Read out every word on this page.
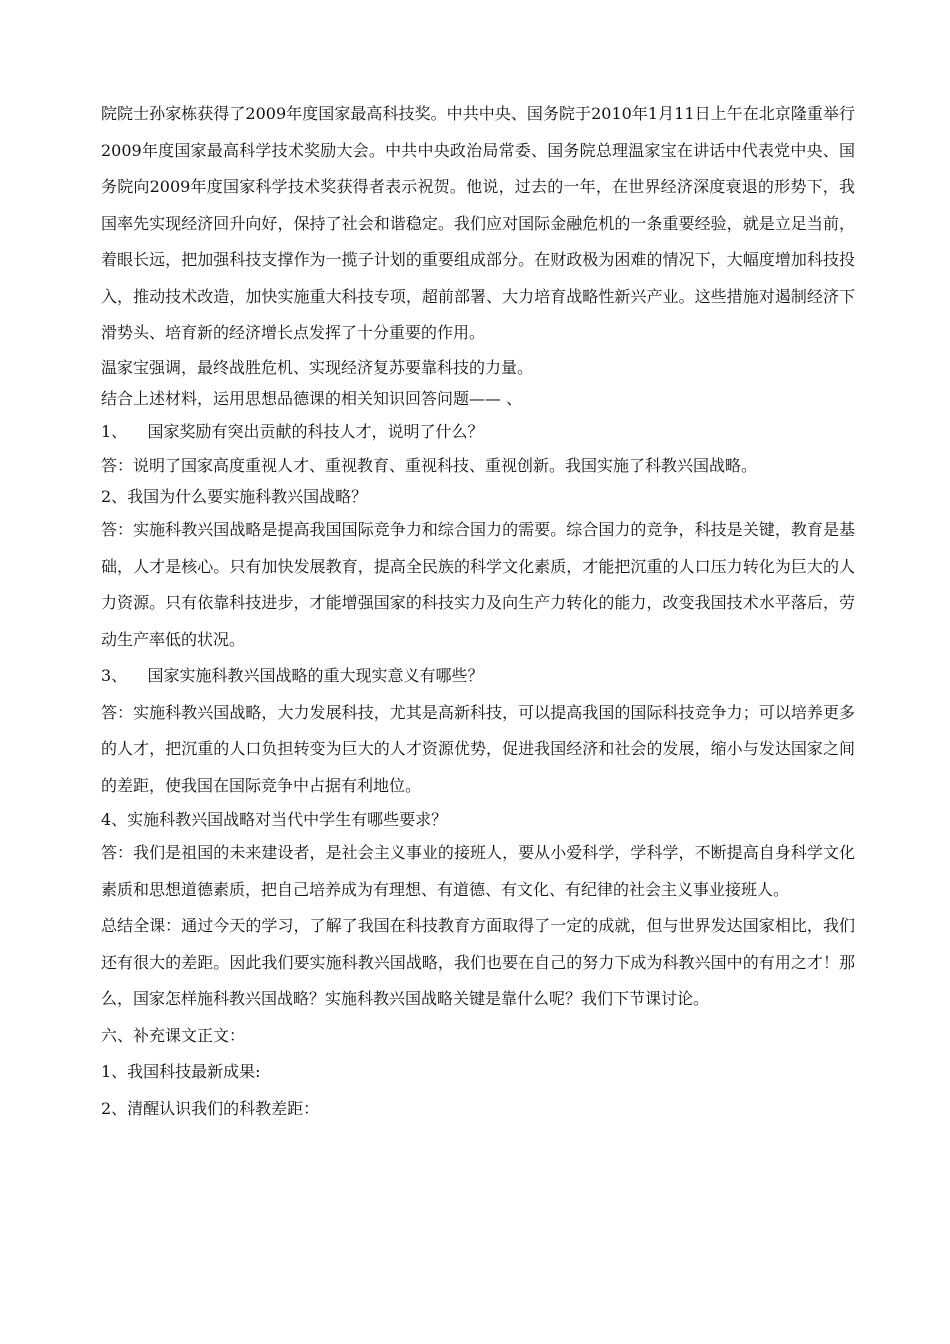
院院士孙家栋获得了2009年度国家最高科技奖。中共中央、国务院于2010年1月11日上午在北京隆重举行2009年度国家最高科学技术奖励大会。中共中央政治局常委、国务院总理温家宝在讲话中代表党中央、国务院向2009年度国家科学技术奖获得者表示祝贺。他说，过去的一年，在世界经济深度衰退的形势下，我国率先实现经济回升向好，保持了社会和谐稳定。我们应对国际金融危机的一条重要经验，就是立足当前，着眼长远，把加强科技支撑作为一揽子计划的重要组成部分。在财政极为困难的情况下，大幅度增加科技投入，推动技术改造，加快实施重大科技专项，超前部署、大力培育战略性新兴产业。这些措施对遏制经济下滑势头、培育新的经济增长点发挥了十分重要的作用。

温家宝强调，最终战胜危机、实现经济复苏要靠科技的力量。

结合上述材料，运用思想品德课的相关知识回答问题—— 、

1、    国家奖励有突出贡献的科技人才，说明了什么？

答：说明了国家高度重视人才、重视教育、重视科技、重视创新。我国实施了科教兴国战略。

2、我国为什么要实施科教兴国战略？

答：实施科教兴国战略是提高我国国际竞争力和综合国力的需要。综合国力的竞争，科技是关键，教育是基础，人才是核心。只有加快发展教育，提高全民族的科学文化素质，才能把沉重的人口压力转化为巨大的人力资源。只有依靠科技进步，才能增强国家的科技实力及向生产力转化的能力，改变我国技术水平落后，劳动生产率低的状况。

3、    国家实施科教兴国战略的重大现实意义有哪些？

答：实施科教兴国战略，大力发展科技，尤其是高新科技，可以提高我国的国际科技竞争力；可以培养更多的人才，把沉重的人口负担转变为巨大的人才资源优势，促进我国经济和社会的发展，缩小与发达国家之间的差距，使我国在国际竞争中占据有利地位。

4、实施科教兴国战略对当代中学生有哪些要求？

答：我们是祖国的未来建设者，是社会主义事业的接班人，要从小爱科学，学科学，不断提高自身科学文化素质和思想道德素质，把自己培养成为有理想、有道德、有文化、有纪律的社会主义事业接班人。

总结全课：通过今天的学习，了解了我国在科技教育方面取得了一定的成就，但与世界发达国家相比，我们还有很大的差距。因此我们要实施科教兴国战略，我们也要在自己的努力下成为科教兴国中的有用之才！那么，国家怎样施科教兴国战略？实施科教兴国战略关键是靠什么呢？我们下节课讨论。

六、补充课文正文：

1、我国科技最新成果:

2、清醒认识我们的科教差距：
